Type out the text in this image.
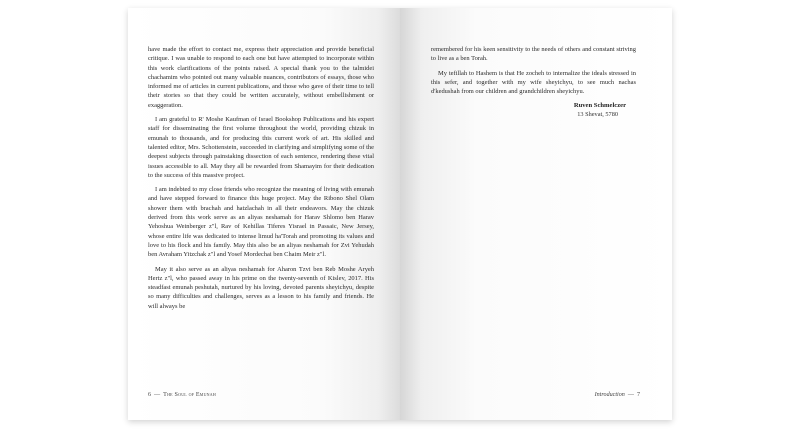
have made the effort to contact me, express their appreciation and provide beneficial critique. I was unable to respond to each one but have attempted to incorporate within this work clarifications of the points raised. A special thank you to the talmidei chachamim who pointed out many valuable nuances, contributors of essays, those who informed me of articles in current publications, and those who gave of their time to tell their stories so that they could be written accurately, without embellishment or exaggeration.

I am grateful to R' Moshe Kaufman of Israel Bookshop Publications and his expert staff for disseminating the first volume throughout the world, providing chizuk in emunah to thousands, and for producing this current work of art. His skilled and talented editor, Mrs. Schottenstein, succeeded in clarifying and simplifying some of the deepest subjects through painstaking dissection of each sentence, rendering these vital issues accessible to all. May they all be rewarded from Shamayim for their dedication to the success of this massive project.

I am indebted to my close friends who recognize the meaning of living with emunah and have stepped forward to finance this huge project. May the Ribono Shel Olam shower them with brachah and hatzlachah in all their endeavors. May the chizuk derived from this work serve as an aliyas neshamah for Harav Shlomo ben Harav Yehoshua Weinberger z"l, Rav of Kehillas Tiferes Yisrael in Passaic, New Jersey, whose entire life was dedicated to intense limud ha'Torah and promoting its values and love to his flock and his family. May this also be an aliyas neshamah for Zvi Yehudah ben Avraham Yitzchak z"l and Yosef Mordechai ben Chaim Meir z"l.

May it also serve as an aliyas neshamah for Aharon Tzvi ben Reb Moshe Aryeh Hertz z"l, who passed away in his prime on the twenty-seventh of Kislev, 2017. His steadfast emunah peshutah, nurtured by his loving, devoted parents sheyichyu, despite so many difficulties and challenges, serves as a lesson to his family and friends. He will always be

6 — The Soul of Emunah

remembered for his keen sensitivity to the needs of others and constant striving to live as a ben Torah.

My tefillah to Hashem is that He zocheh to internalize the ideals stressed in this sefer, and together with my wife sheyichyu, to see much nachas d'kedushah from our children and grandchildren sheyichyu.

Ruven Schmelczer
13 Shevat, 5780
Introduction — 7
